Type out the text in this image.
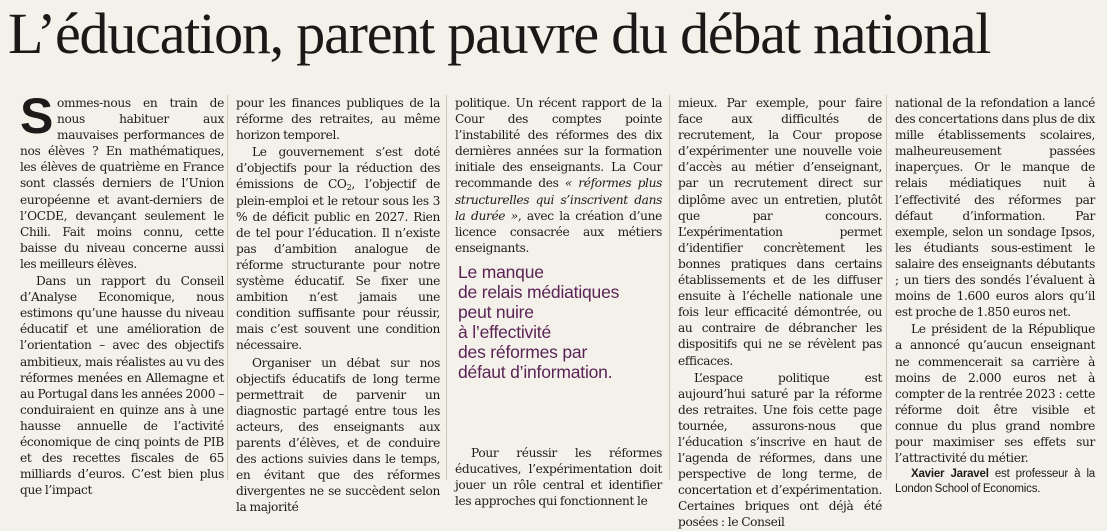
L’éducation, parent pauvre du débat national

Sommes-nous en train de nous habituer aux mauvaises performances de nos élèves ? En mathématiques, les élèves de quatrième en France sont classés derniers de l’Union européenne et avant-derniers de l’OCDE, devançant seulement le Chili. Fait moins connu, cette baisse du niveau concerne aussi les meilleurs élèves.

Dans un rapport du Conseil d’Analyse Economique, nous estimons qu’une hausse du niveau éducatif et une amélioration de l’orientation – avec des objectifs ambitieux, mais réalistes au vu des réformes menées en Allemagne et au Portugal dans les années 2000 – conduiraient en quinze ans à une hausse annuelle de l’activité économique de cinq points de PIB et des recettes fiscales de 65 milliards d’euros. C’est bien plus que l’impact

pour les finances publiques de la réforme des retraites, au même horizon temporel.

Le gouvernement s’est doté d’objectifs pour la réduction des émissions de $CO_2$, l’objectif de plein-emploi et le retour sous les 3 % de déficit public en 2027. Rien de tel pour l’éducation. Il n’existe pas d’ambition analogue de réforme structurante pour notre système éducatif. Se fixer une ambition n’est jamais une condition suffisante pour réussir, mais c’est souvent une condition nécessaire.

Organiser un débat sur nos objectifs éducatifs de long terme permettrait de parvenir un diagnostic partagé entre tous les acteurs, des enseignants aux parents d’élèves, et de conduire des actions suivies dans le temps, en évitant que des réformes divergentes ne se succèdent selon la majorité

politique. Un récent rapport de la Cour des comptes pointe l’instabilité des réformes des dix dernières années sur la formation initiale des enseignants. La Cour recommande des « réformes plus structurelles qui s’inscrivent dans la durée », avec la création d’une licence consacrée aux métiers enseignants.

Pour réussir les réformes éducatives, l’expérimentation doit jouer un rôle central et identifier les approches qui fonctionnent le

Le manque
de relais médiatiques
peut nuire
à l’effectivité
des réformes par
défaut d’information.

mieux. Par exemple, pour faire face aux difficultés de recrutement, la Cour propose d’expérimenter une nouvelle voie d’accès au métier d’enseignant, par un recrutement direct sur diplôme avec un entretien, plutôt que par concours. L’expérimentation permet d’identifier concrètement les bonnes pratiques dans certains établissements et de les diffuser ensuite à l’échelle nationale une fois leur efficacité démontrée, ou au contraire de débrancher les dispositifs qui ne se révèlent pas efficaces.

L’espace politique est aujourd’hui saturé par la réforme des retraites. Une fois cette page tournée, assurons-nous que l’éducation s’inscrive en haut de l’agenda de réformes, dans une perspective de long terme, de concertation et d’expérimentation. Certaines briques ont déjà été posées : le Conseil

national de la refondation a lancé des concertations dans plus de dix mille établissements scolaires, malheureusement passées inaperçues. Or le manque de relais médiatiques nuit à l’effectivité des réformes par défaut d’information. Par exemple, selon un sondage Ipsos, les étudiants sous-estiment le salaire des enseignants débutants ; un tiers des sondés l’évaluent à moins de 1.600 euros alors qu’il est proche de 1.850 euros net.

Le président de la République a annoncé qu’aucun enseignant ne commencerait sa carrière à moins de 2.000 euros net à compter de la rentrée 2023 : cette réforme doit être visible et connue du plus grand nombre pour maximiser ses effets sur l’attractivité du métier.

Xavier Jaravel est professeur à la London School of Economics.
